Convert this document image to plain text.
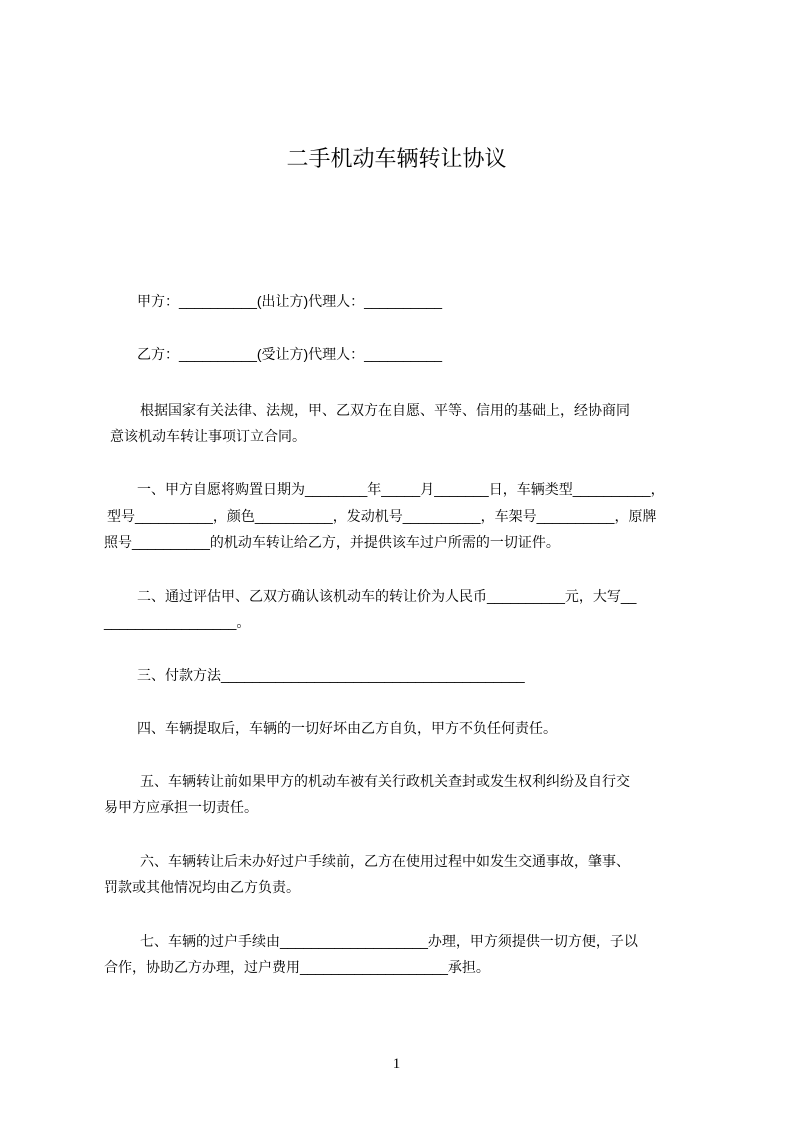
二手机动车辆转让协议
甲方：__________(出让方)代理人：__________
乙方：__________(受让方)代理人：__________
根据国家有关法律、法规，甲、乙双方在自愿、平等、信用的基础上，经协商同
意该机动车转让事项订立合同。
一、甲方自愿将购置日期为________年_____月_______日，车辆类型__________，
型号__________，颜色__________，发动机号__________，车架号__________，原牌
照号__________的机动车转让给乙方，并提供该车过户所需的一切证件。
二、通过评估甲、乙双方确认该机动车的转让价为人民币__________元，大写__
_________________。
三、付款方法_______________________________________
四、车辆提取后，车辆的一切好坏由乙方自负，甲方不负任何责任。
五、车辆转让前如果甲方的机动车被有关行政机关查封或发生权利纠纷及自行交
易甲方应承担一切责任。
六、车辆转让后未办好过户手续前，乙方在使用过程中如发生交通事故，肇事、
罚款或其他情况均由乙方负责。
七、车辆的过户手续由___________________办理，甲方须提供一切方便，子以
合作，协助乙方办理，过户费用___________________承担。
1
